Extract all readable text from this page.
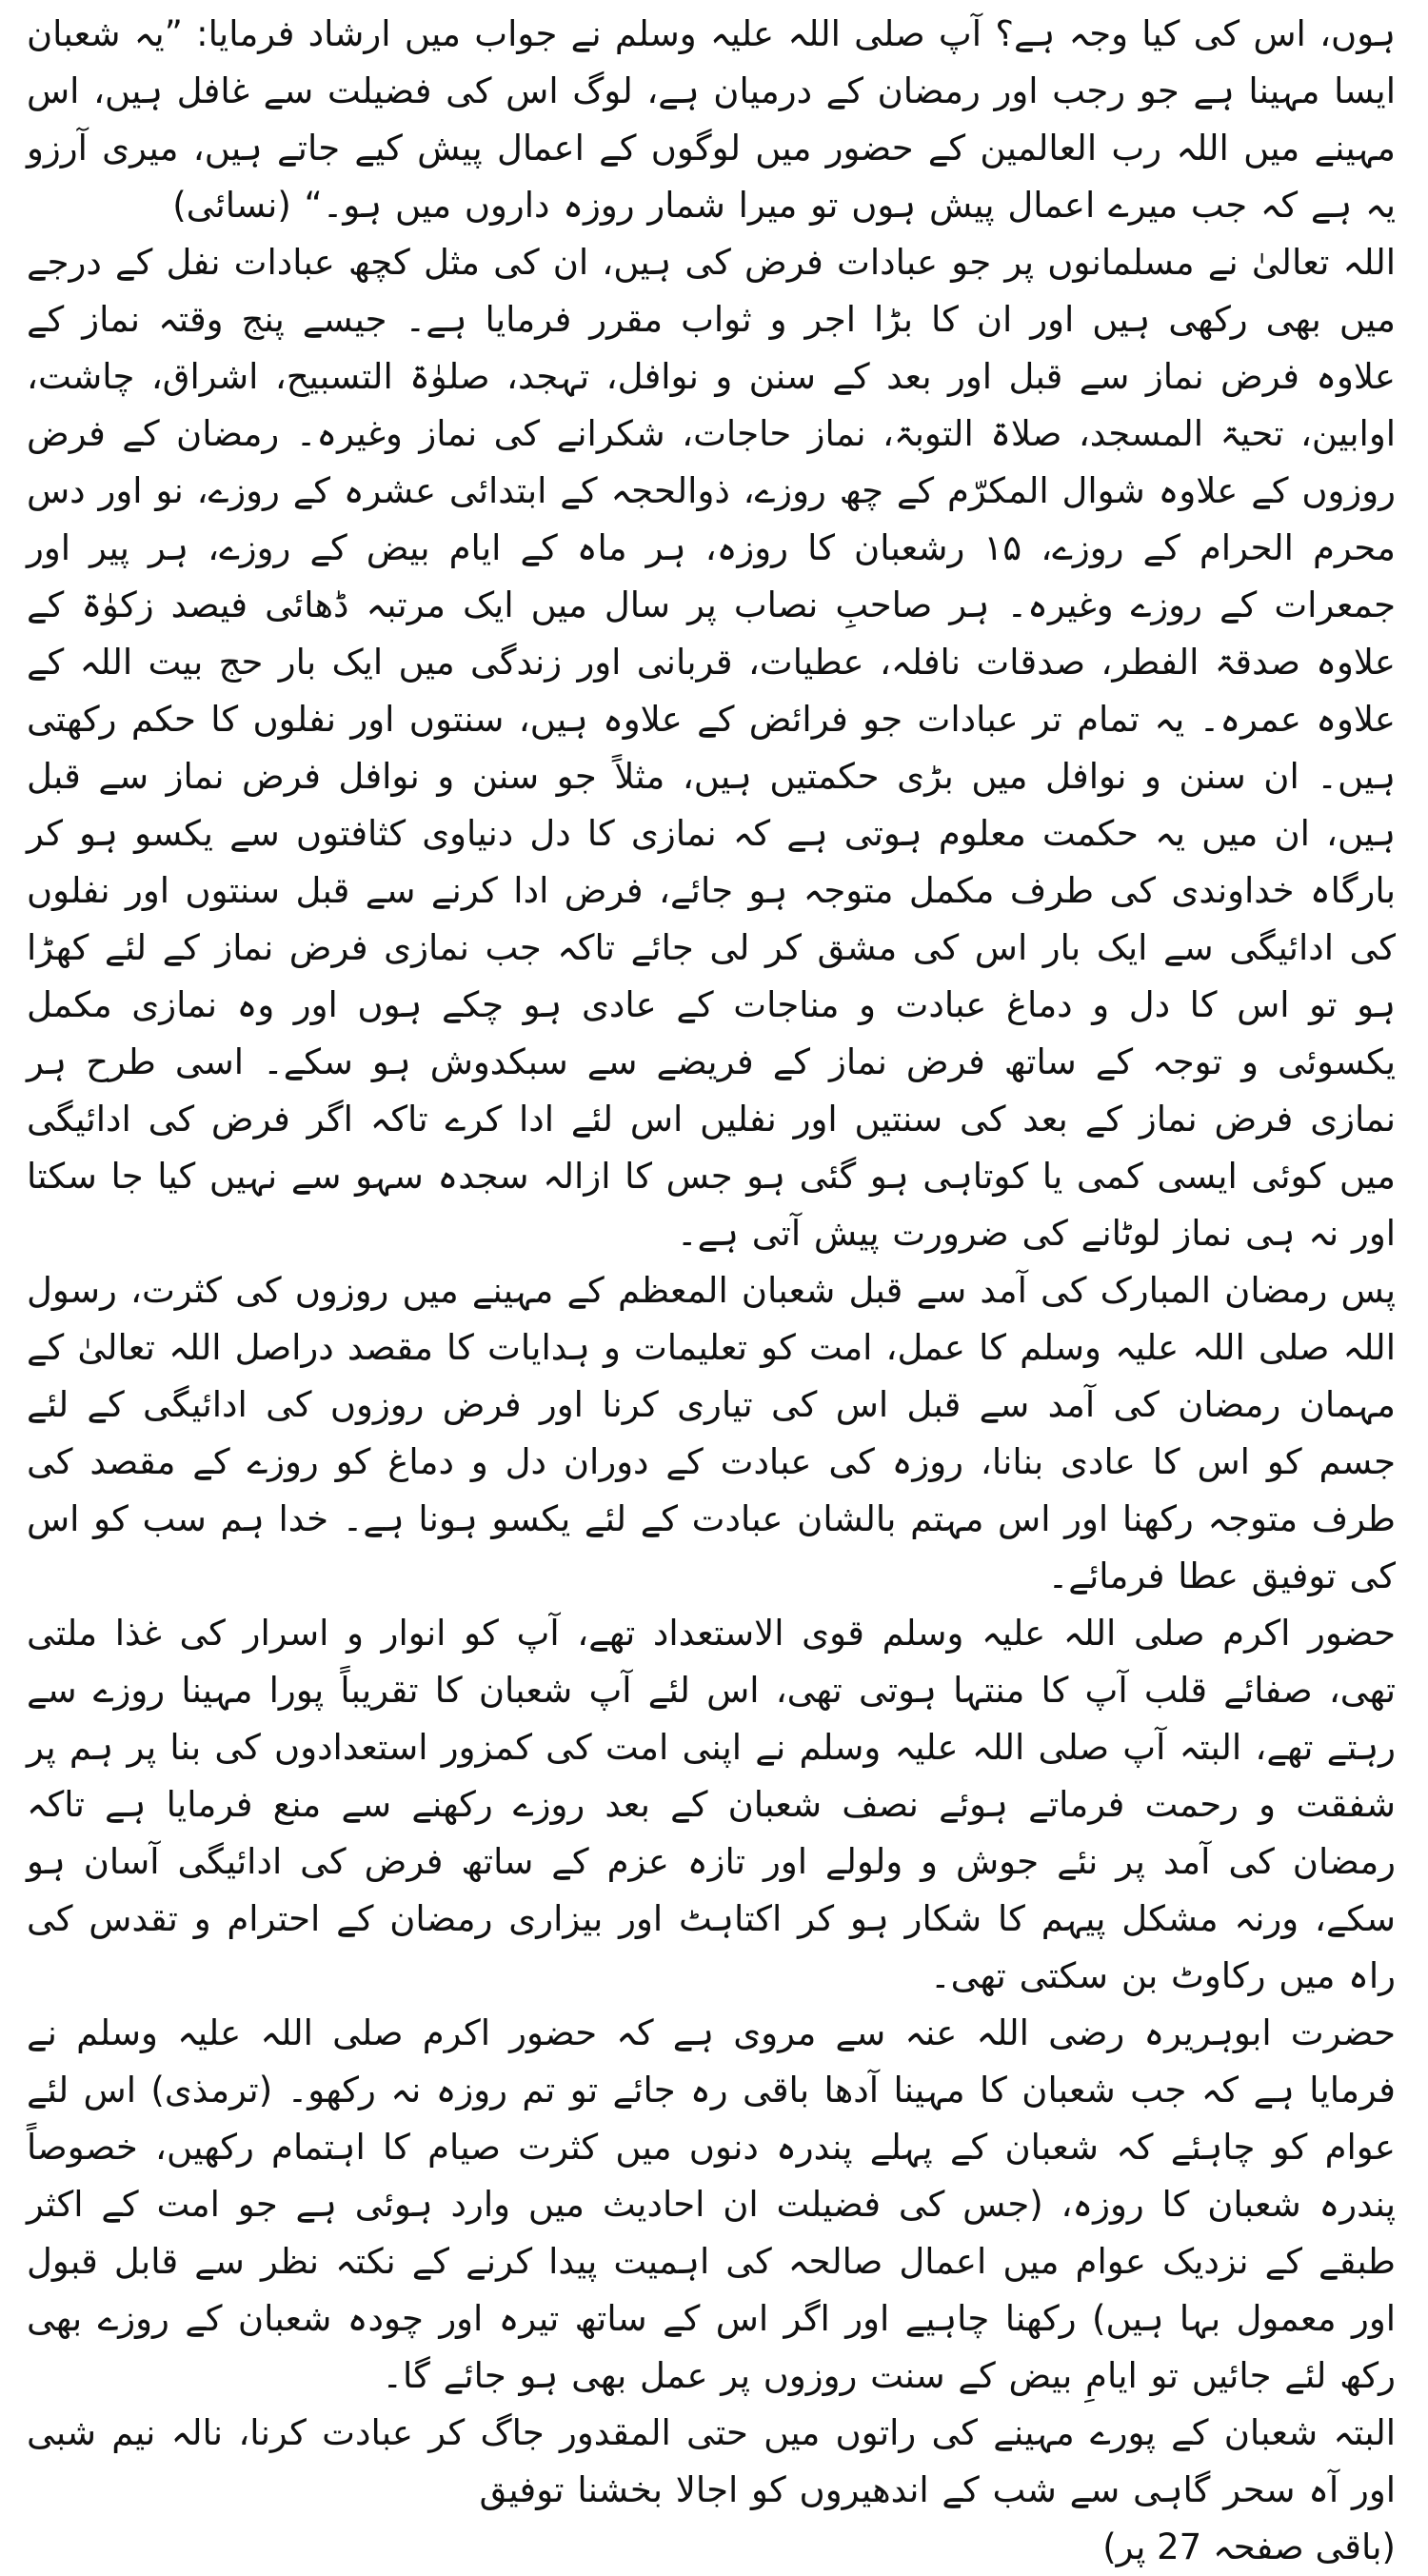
ہوں، اس کی کیا وجہ ہے؟ آپ صلی اللہ علیہ وسلم نے جواب میں ارشاد فرمایا: ”یہ شعبان ایسا مہینا ہے جو رجب اور رمضان کے درمیان ہے، لوگ اس کی فضیلت سے غافل ہیں، اس مہینے میں اللہ رب العالمین کے حضور میں لوگوں کے اعمال پیش کیے جاتے ہیں، میری آرزو یہ ہے کہ جب میرے اعمال پیش ہوں تو میرا شمار روزہ داروں میں ہو۔“ (نسائی)

اللہ تعالیٰ نے مسلمانوں پر جو عبادات فرض کی ہیں، ان کی مثل کچھ عبادات نفل کے درجے میں بھی رکھی ہیں اور ان کا بڑا اجر و ثواب مقرر فرمایا ہے۔ جیسے پنج وقتہ نماز کے علاوہ فرض نماز سے قبل اور بعد کے سنن و نوافل، تہجد، صلوٰۃ التسبیح، اشراق، چاشت، اوابین، تحیۃ المسجد، صلاۃ التوبۃ، نماز حاجات، شکرانے کی نماز وغیرہ۔ رمضان کے فرض روزوں کے علاوہ شوال المکرّم کے چھ روزے، ذوالحجہ کے ابتدائی عشرہ کے روزے، نو اور دس محرم الحرام کے روزے، ۱۵ رشعبان کا روزہ، ہر ماہ کے ایام بیض کے روزے، ہر پیر اور جمعرات کے روزے وغیرہ۔ ہر صاحبِ نصاب پر سال میں ایک مرتبہ ڈھائی فیصد زکوٰۃ کے علاوہ صدقۃ الفطر، صدقات نافلہ، عطیات، قربانی اور زندگی میں ایک بار حج بیت اللہ کے علاوہ عمرہ۔ یہ تمام تر عبادات جو فرائض کے علاوہ ہیں، سنتوں اور نفلوں کا حکم رکھتی ہیں۔ ان سنن و نوافل میں بڑی حکمتیں ہیں، مثلاً جو سنن و نوافل فرض نماز سے قبل ہیں، ان میں یہ حکمت معلوم ہوتی ہے کہ نمازی کا دل دنیاوی کثافتوں سے یکسو ہو کر بارگاہ خداوندی کی طرف مکمل متوجہ ہو جائے، فرض ادا کرنے سے قبل سنتوں اور نفلوں کی ادائیگی سے ایک بار اس کی مشق کر لی جائے تاکہ جب نمازی فرض نماز کے لئے کھڑا ہو تو اس کا دل و دماغ عبادت و مناجات کے عادی ہو چکے ہوں اور وہ نمازی مکمل یکسوئی و توجہ کے ساتھ فرض نماز کے فریضے سے سبکدوش ہو سکے۔ اسی طرح ہر نمازی فرض نماز کے بعد کی سنتیں اور نفلیں اس لئے ادا کرے تاکہ اگر فرض کی ادائیگی میں کوئی ایسی کمی یا کوتاہی ہو گئی ہو جس کا ازالہ سجدہ سہو سے نہیں کیا جا سکتا اور نہ ہی نماز لوٹانے کی ضرورت پیش آتی ہے۔

پس رمضان المبارک کی آمد سے قبل شعبان المعظم کے مہینے میں روزوں کی کثرت، رسول اللہ صلی اللہ علیہ وسلم کا عمل، امت کو تعلیمات و ہدایات کا مقصد دراصل اللہ تعالیٰ کے مہمان رمضان کی آمد سے قبل اس کی تیاری کرنا اور فرض روزوں کی ادائیگی کے لئے جسم کو اس کا عادی بنانا، روزہ کی عبادت کے دوران دل و دماغ کو روزے کے مقصد کی طرف متوجہ رکھنا اور اس مہتم بالشان عبادت کے لئے یکسو ہونا ہے۔ خدا ہم سب کو اس کی توفیق عطا فرمائے۔

حضور اکرم صلی اللہ علیہ وسلم قوی الاستعداد تھے، آپ کو انوار و اسرار کی غذا ملتی تھی، صفائے قلب آپ کا منتہا ہوتی تھی، اس لئے آپ شعبان کا تقریباً پورا مہینا روزے سے رہتے تھے، البتہ آپ صلی اللہ علیہ وسلم نے اپنی امت کی کمزور استعدادوں کی بنا پر ہم پر شفقت و رحمت فرماتے ہوئے نصف شعبان کے بعد روزے رکھنے سے منع فرمایا ہے تاکہ رمضان کی آمد پر نئے جوش و ولولے اور تازہ عزم کے ساتھ فرض کی ادائیگی آسان ہو سکے، ورنہ مشکل پیہم کا شکار ہو کر اکتاہٹ اور بیزاری رمضان کے احترام و تقدس کی راہ میں رکاوٹ بن سکتی تھی۔

حضرت ابوہریرہ رضی اللہ عنہ سے مروی ہے کہ حضور اکرم صلی اللہ علیہ وسلم نے فرمایا ہے کہ جب شعبان کا مہینا آدھا باقی رہ جائے تو تم روزہ نہ رکھو۔ (ترمذی) اس لئے عوام کو چاہئے کہ شعبان کے پہلے پندرہ دنوں میں کثرت صیام کا اہتمام رکھیں، خصوصاً پندرہ شعبان کا روزہ، (جس کی فضیلت ان احادیث میں وارد ہوئی ہے جو امت کے اکثر طبقے کے نزدیک عوام میں اعمال صالحہ کی اہمیت پیدا کرنے کے نکتہ نظر سے قابل قبول اور معمول بہا ہیں) رکھنا چاہیے اور اگر اس کے ساتھ تیرہ اور چودہ شعبان کے روزے بھی رکھ لئے جائیں تو ایامِ بیض کے سنت روزوں پر عمل بھی ہو جائے گا۔

البتہ شعبان کے پورے مہینے کی راتوں میں حتی المقدور جاگ کر عبادت کرنا، نالہ نیم شبی اور آہ سحر گاہی سے شب کے اندھیروں کو اجالا بخشنا توفیق

(باقی صفحہ 27 پر)
